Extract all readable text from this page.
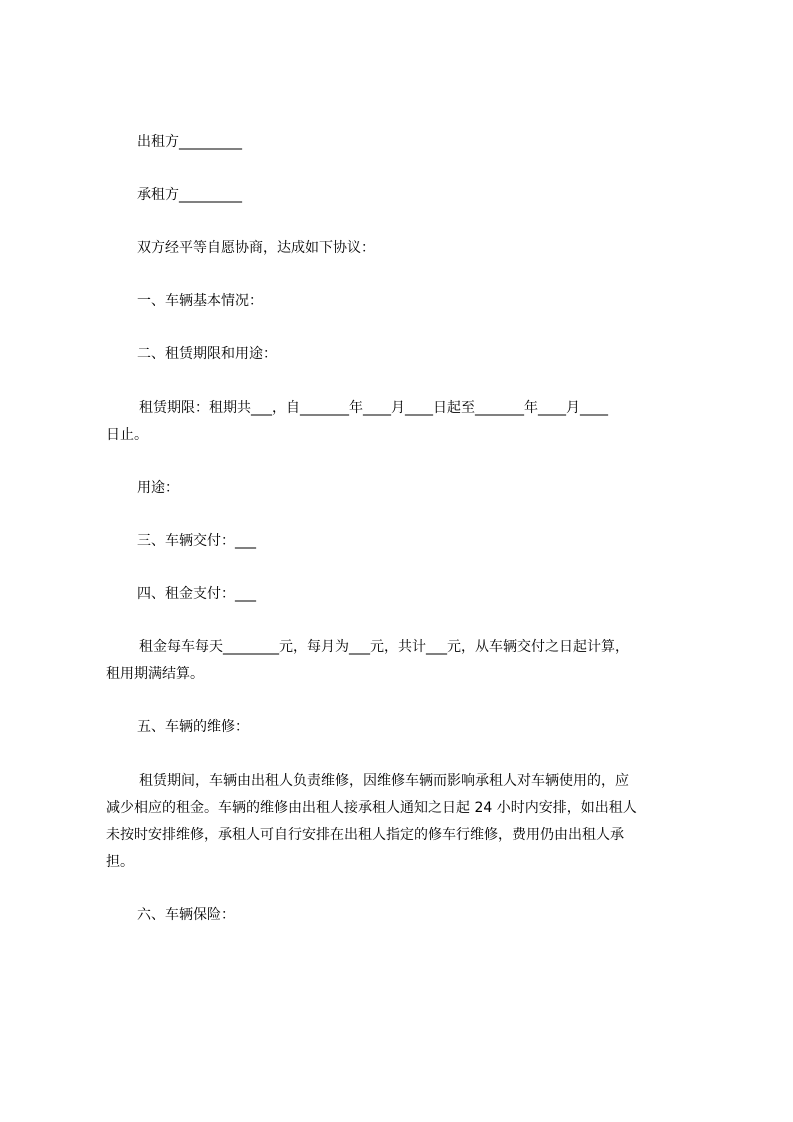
出租方_________

承租方_________

双方经平等自愿协商，达成如下协议：

一、车辆基本情况：

二、租赁期限和用途：

租赁期限：租期共___，自_______年____月____日起至_______年____月____

日止。

用途：

三、车辆交付：___

四、租金支付：___

租金每车每天________元，每月为___元，共计___元，从车辆交付之日起计算，

租用期满结算。

五、车辆的维修：

租赁期间，车辆由出租人负责维修，因维修车辆而影响承租人对车辆使用的，应

减少相应的租金。车辆的维修由出租人接承租人通知之日起 24 小时内安排，如出租人

未按时安排维修，承租人可自行安排在出租人指定的修车行维修，费用仍由出租人承

担。

六、车辆保险：
